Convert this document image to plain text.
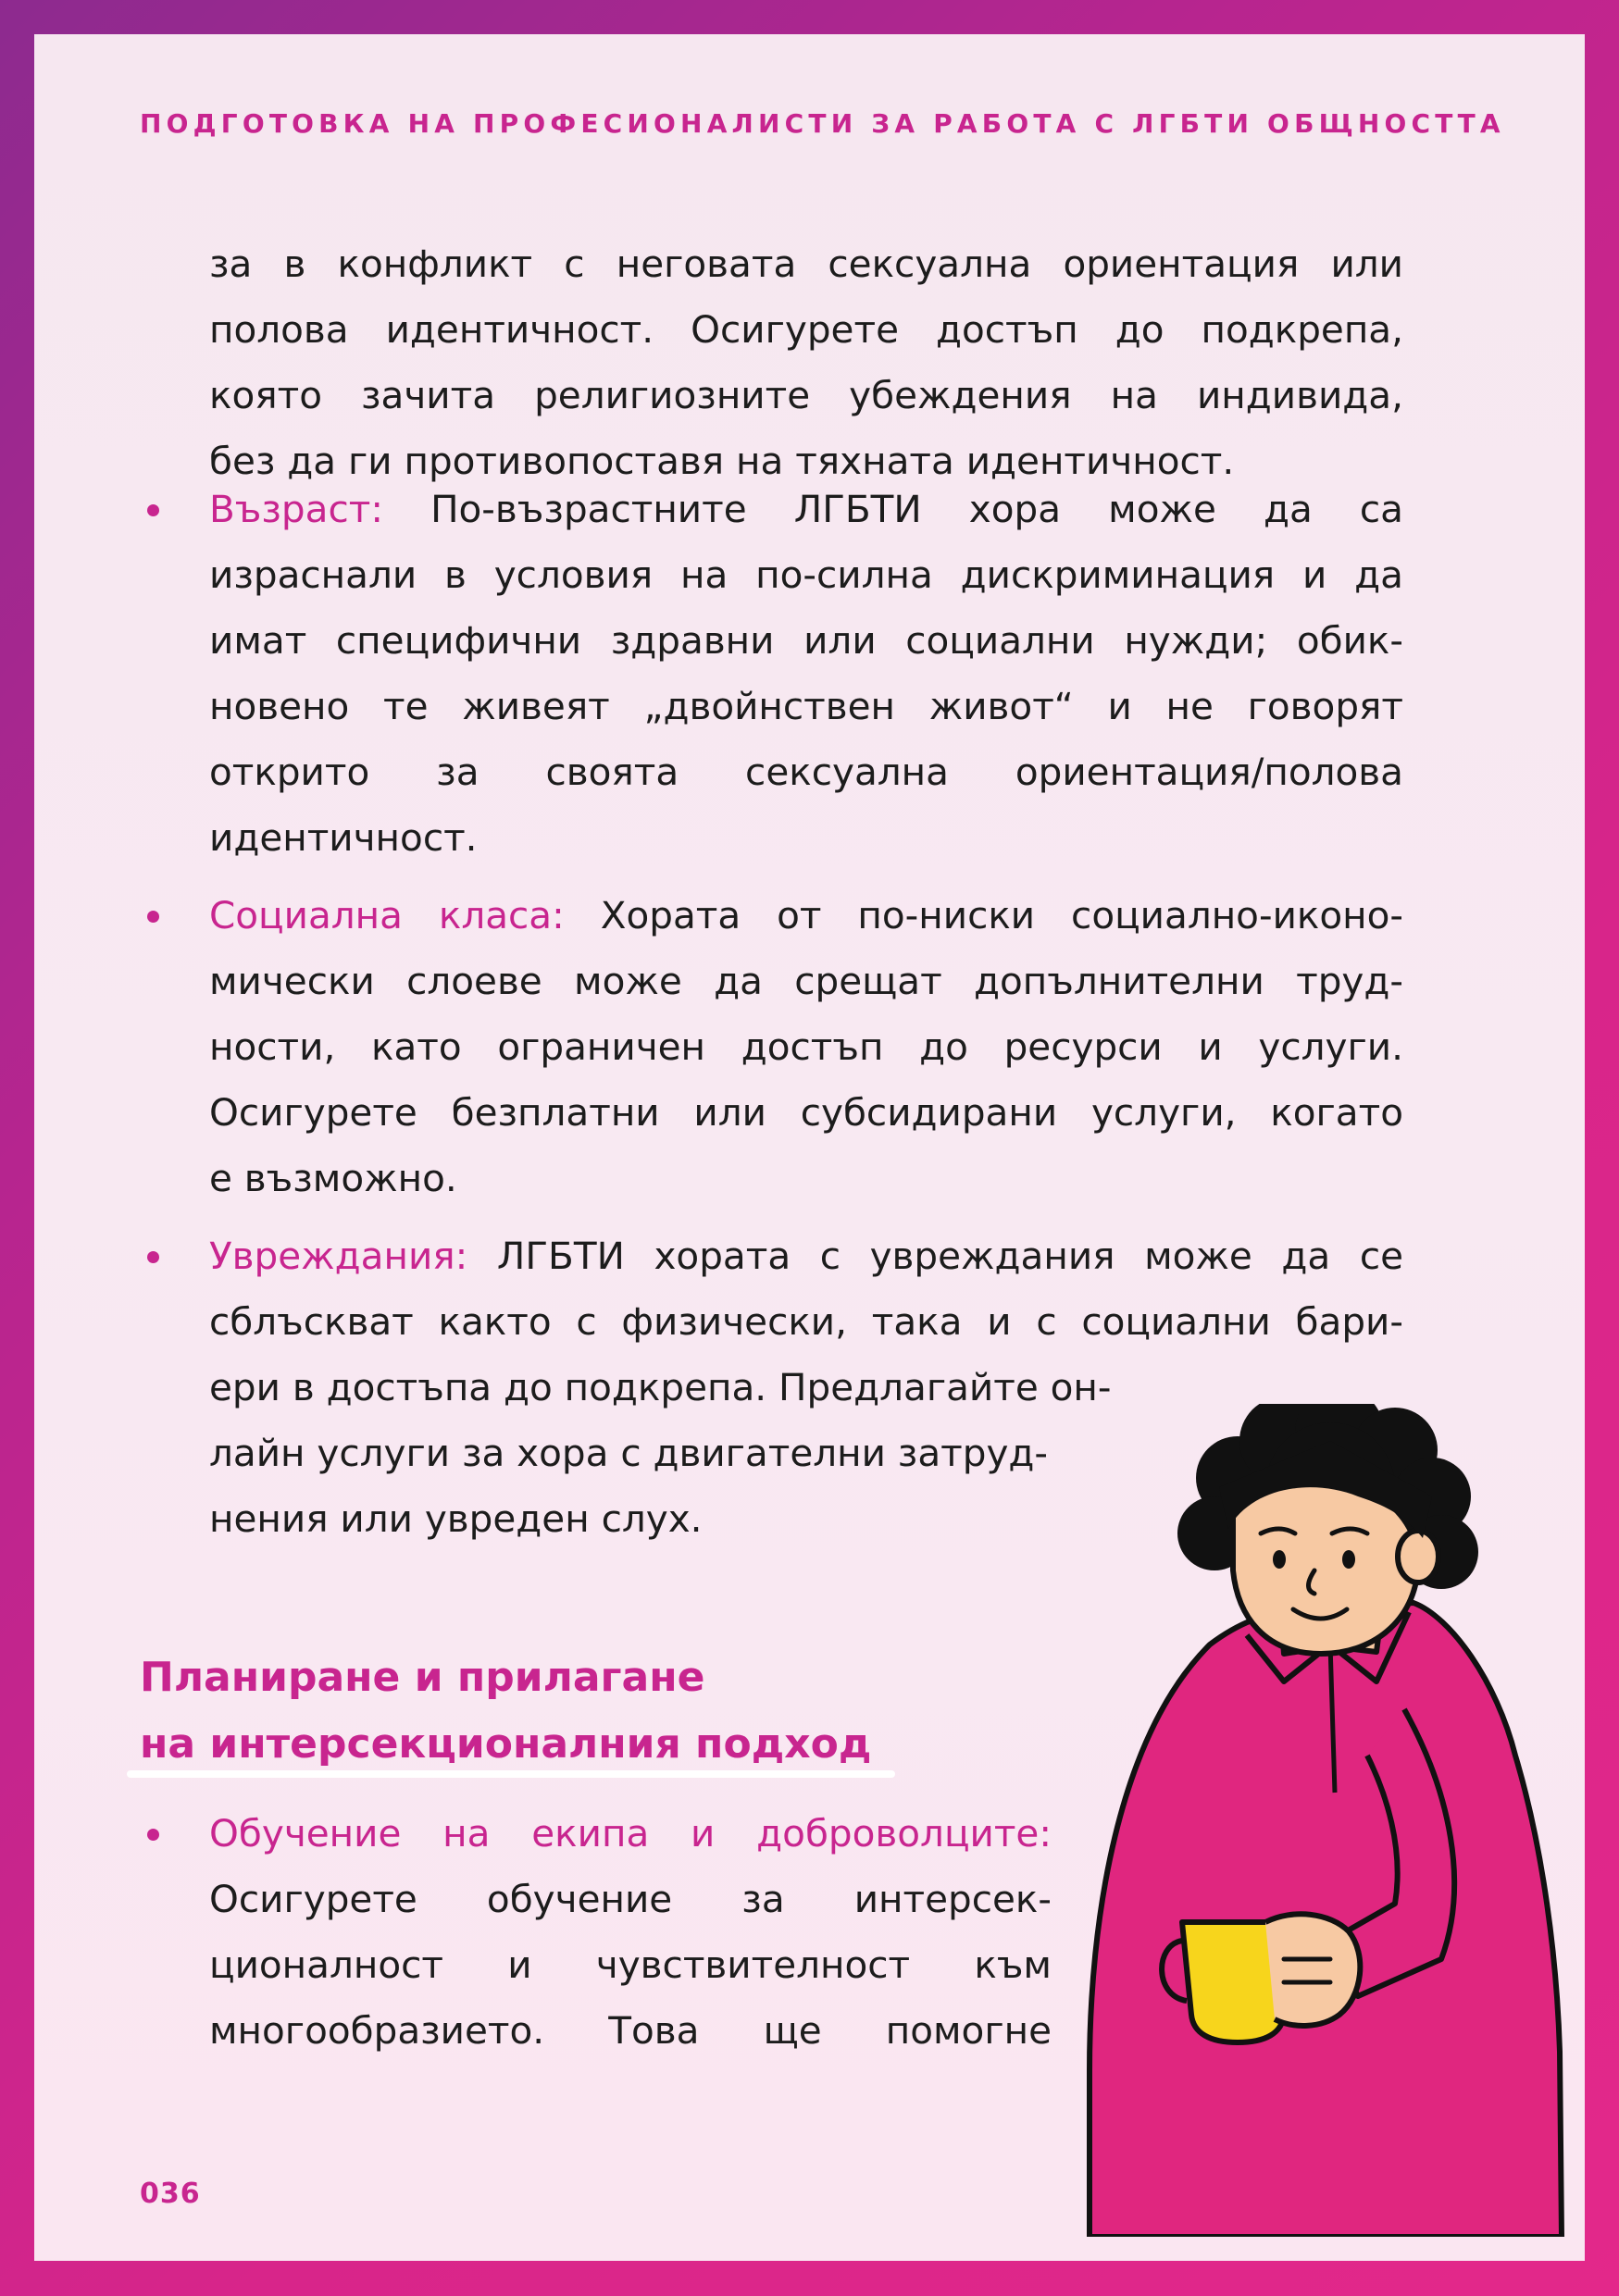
ПОДГОТОВКА НА ПРОФЕСИОНАЛИСТИ ЗА РАБОТА С ЛГБТИ ОБЩНОСТТА
за в конфликт с неговата сексуална ориентация или
полова идентичност. Осигурете достъп до подкрепа,
която зачита религиозните убеждения на индивида,
без да ги противопоставя на тяхната идентичност.
Възраст: По-възрастните ЛГБТИ хора може да са
израснали в условия на по-силна дискриминация и да
имат специфични здравни или социални нужди; обик-
новено те живеят „двойнствен живот“ и не говорят
открито за своята сексуална ориентация/полова
идентичност.
Социална класа: Хората от по-ниски социално-иконо-
мически слоеве може да срещат допълнителни труд-
ности, като ограничен достъп до ресурси и услуги.
Осигурете безплатни или субсидирани услуги, когато
е възможно.
Увреждания: ЛГБТИ хората с увреждания може да се
сблъскват както с физически, така и с социални бари-
ери в достъпа до подкрепа. Предлагайте он-
лайн услуги за хора с двигателни затруд-
нения или увреден слух.
Планиране и прилагане
на интерсекционалния подход
Обучение на екипа и доброволците:
Осигурете обучение за интерсек-
ционалност и чувствителност към
многообразието. Това ще помогне
036
